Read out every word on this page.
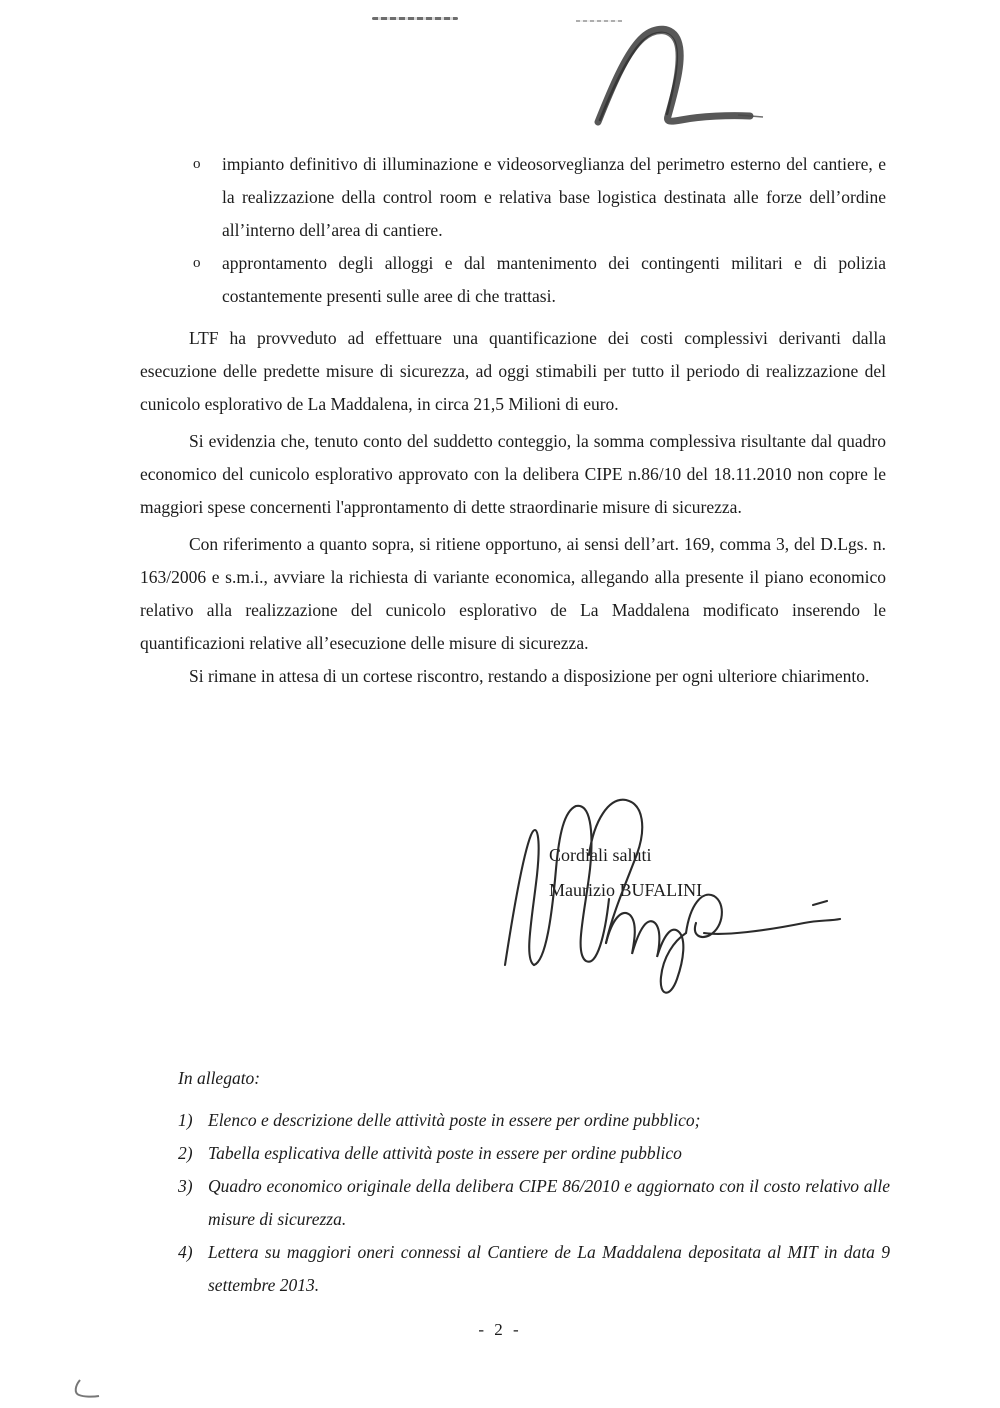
o	impianto definitivo di illuminazione e videosorveglianza del perimetro esterno del cantiere, e la realizzazione della control room e relativa base logistica destinata alle forze dell’ordine all’interno dell’area di cantiere.
o	approntamento degli alloggi e dal mantenimento dei contingenti militari e di polizia costantemente presenti sulle aree di che trattasi.

LTF ha provveduto ad effettuare una quantificazione dei costi complessivi derivanti dalla esecuzione delle predette misure di sicurezza, ad oggi stimabili per tutto il periodo di realizzazione del cunicolo esplorativo de La Maddalena, in circa 21,5 Milioni di euro.

Si evidenzia che, tenuto conto del suddetto conteggio, la somma complessiva risultante dal quadro economico del cunicolo esplorativo approvato con la delibera CIPE n.86/10 del 18.11.2010 non copre le maggiori spese concernenti l'approntamento di dette straordinarie misure di sicurezza.

Con riferimento a quanto sopra, si ritiene opportuno, ai sensi dell’art. 169, comma 3, del D.Lgs. n. 163/2006 e s.m.i., avviare la richiesta di variante economica, allegando alla presente il piano economico relativo alla realizzazione del cunicolo esplorativo de La Maddalena modificato inserendo le quantificazioni relative all’esecuzione delle misure di sicurezza.

Si rimane in attesa di un cortese riscontro, restando a disposizione per ogni ulteriore chiarimento.

Cordiali saluti
Maurizio BUFALINI
In allegato:
1) Elenco e descrizione delle attività poste in essere per ordine pubblico;
2) Tabella esplicativa delle attività poste in essere per ordine pubblico
3) Quadro economico originale della delibera CIPE 86/2010 e aggiornato con il costo relativo alle misure di sicurezza.
4) Lettera su maggiori oneri connessi al Cantiere de La Maddalena depositata al MIT in data 9 settembre 2013.
- 2 -
